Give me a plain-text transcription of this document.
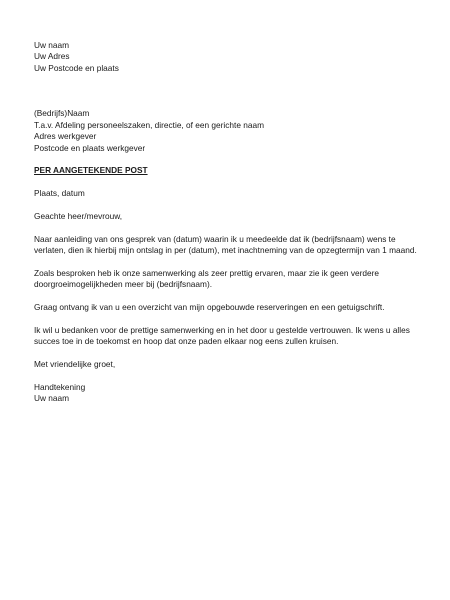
Uw naam
Uw Adres
Uw Postcode en plaats
(Bedrijfs)Naam
T.a.v. Afdeling personeelszaken, directie, of een gerichte naam
Adres werkgever
Postcode en plaats werkgever
PER AANGETEKENDE POST
Plaats, datum
Geachte heer/mevrouw,
Naar aanleiding van ons gesprek van (datum) waarin ik u meedeelde dat ik (bedrijfsnaam) wens te verlaten, dien ik hierbij mijn ontslag in per (datum), met inachtneming van de opzegtermijn van 1 maand.
Zoals besproken heb ik onze samenwerking als zeer prettig ervaren, maar zie ik geen verdere doorgroeimogelijkheden meer bij (bedrijfsnaam).
Graag ontvang ik van u een overzicht van mijn opgebouwde reserveringen en een getuigschrift.
Ik wil u bedanken voor de prettige samenwerking en in het door u gestelde vertrouwen. Ik wens u alles succes toe in de toekomst en hoop dat onze paden elkaar nog eens zullen kruisen.
Met vriendelijke groet,
Handtekening
Uw naam
